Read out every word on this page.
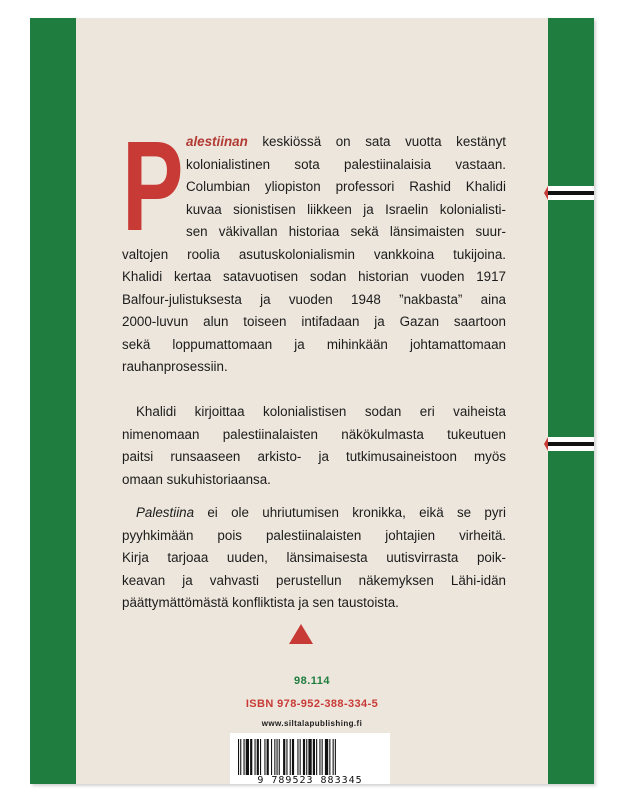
P alestiinan keskiössä on sata vuotta kestänyt
kolonialistinen sota palestiinalaisia vastaan.
Columbian yliopiston professori Rashid Khalidi
kuvaa sionistisen liikkeen ja Israelin kolonialisti-
sen väkivallan historiaa sekä länsimaisten suur-
valtojen roolia asutuskolonialismin vankkoina tukijoina.
Khalidi kertaa satavuotisen sodan historian vuoden 1917
Balfour-julistuksesta ja vuoden 1948 ”nakbasta” aina
2000-luvun alun toiseen intifadaan ja Gazan saartoon
sekä loppumattomaan ja mihinkään johtamattomaan
rauhanprosessiin.
Khalidi kirjoittaa kolonialistisen sodan eri vaiheista
nimenomaan palestiinalaisten näkökulmasta tukeutuen
paitsi runsaaseen arkisto- ja tutkimusaineistoon myös
omaan sukuhistoriaansa.
Palestiina ei ole uhriutumisen kronikka, eikä se pyri
pyyhkimään pois palestiinalaisten johtajien virheitä.
Kirja tarjoaa uuden, länsimaisesta uutisvirrasta poik-
keavan ja vahvasti perustellun näkemyksen Lähi-idän
päättymättömästä konfliktista ja sen taustoista.
98.114
ISBN 978-952-388-334-5
www.siltalapublishing.fi
9 789523 883345
